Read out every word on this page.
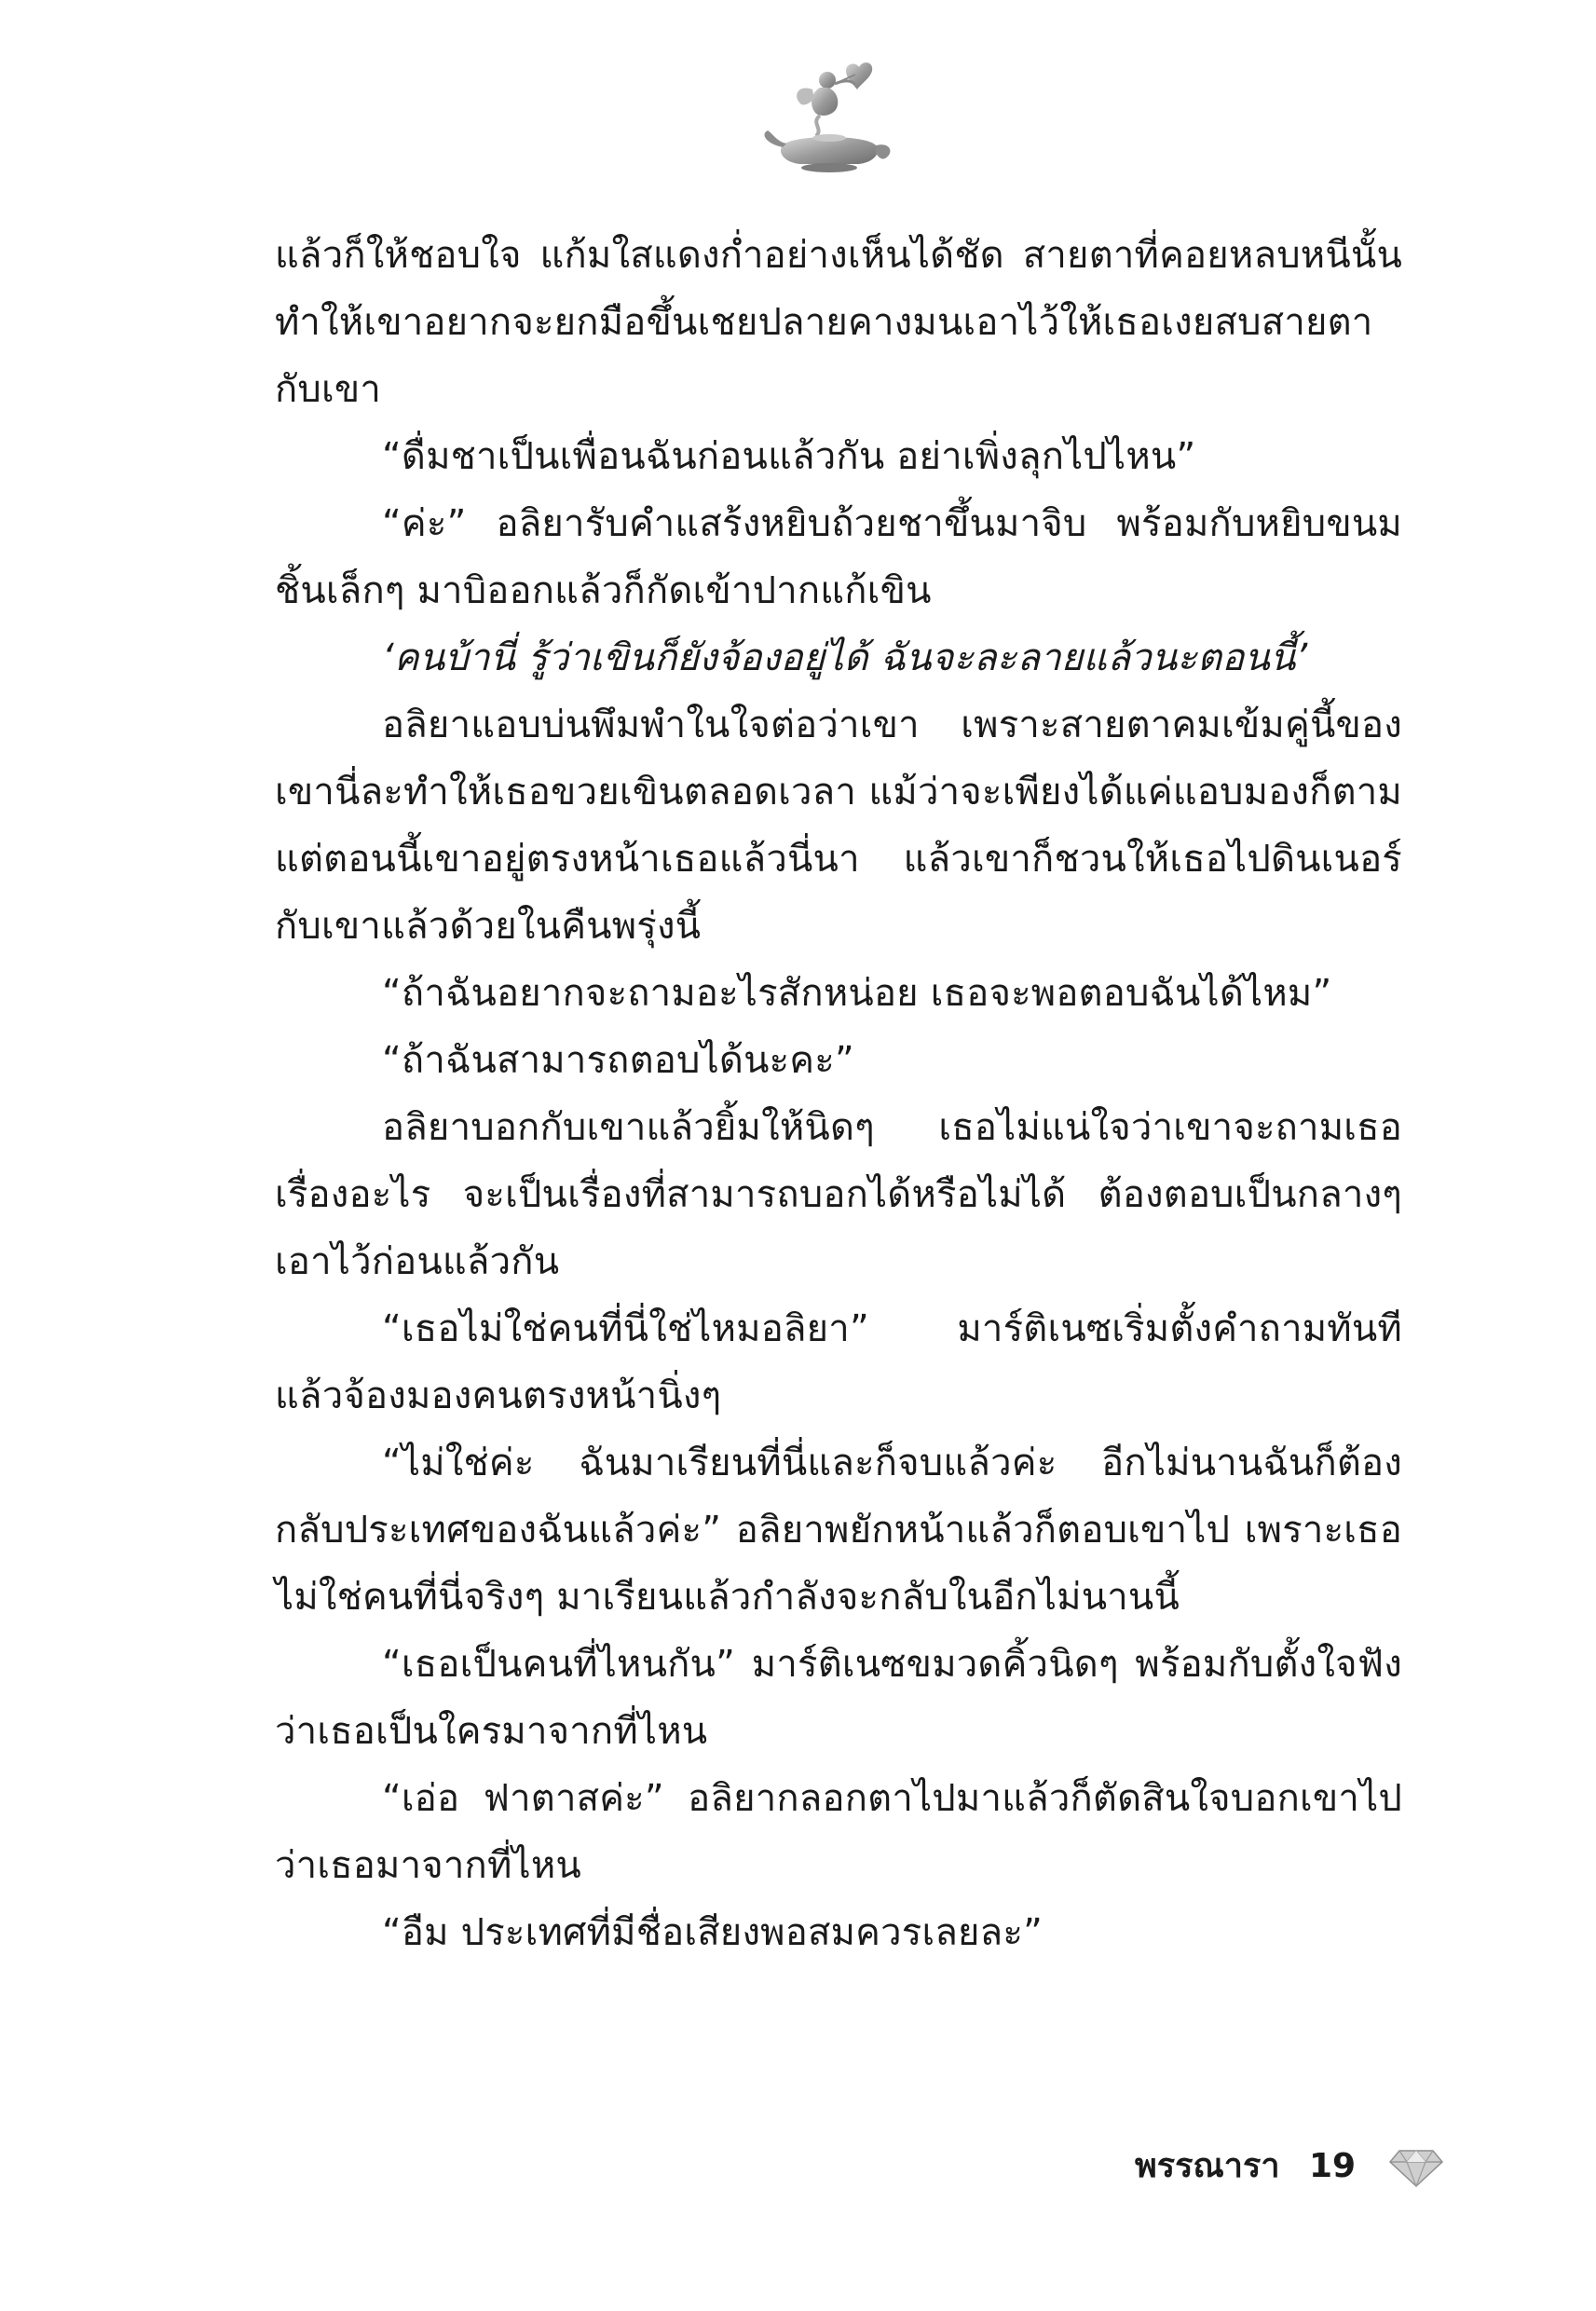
แล้วก็ให้ชอบใจ แก้มใสแดงก่ำอย่างเห็นได้ชัด สายตาที่คอยหลบหนีนั้น ทำให้เขาอยากจะยกมือขึ้นเชยปลายคางมนเอาไว้ให้เธอเงยสบสายตากับเขา

“ดื่มชาเป็นเพื่อนฉันก่อนแล้วกัน อย่าเพิ่งลุกไปไหน”

“ค่ะ” อลิยารับคำแสร้งหยิบถ้วยชาขึ้นมาจิบ พร้อมกับหยิบขนมชิ้นเล็กๆ มาบิออกแล้วก็กัดเข้าปากแก้เขิน

‘คนบ้านี่ รู้ว่าเขินก็ยังจ้องอยู่ได้ ฉันจะละลายแล้วนะตอนนี้’

อลิยาแอบบ่นพึมพำในใจต่อว่าเขา เพราะสายตาคมเข้มคู่นี้ของเขานี่ละทำให้เธอขวยเขินตลอดเวลา แม้ว่าจะเพียงได้แค่แอบมองก็ตาม แต่ตอนนี้เขาอยู่ตรงหน้าเธอแล้วนี่นา แล้วเขาก็ชวนให้เธอไปดินเนอร์กับเขาแล้วด้วยในคืนพรุ่งนี้

“ถ้าฉันอยากจะถามอะไรสักหน่อย เธอจะพอตอบฉันได้ไหม”

“ถ้าฉันสามารถตอบได้นะคะ”

อลิยาบอกกับเขาแล้วยิ้มให้นิดๆ เธอไม่แน่ใจว่าเขาจะถามเธอเรื่องอะไร จะเป็นเรื่องที่สามารถบอกได้หรือไม่ได้ ต้องตอบเป็นกลางๆเอาไว้ก่อนแล้วกัน

“เธอไม่ใช่คนที่นี่ใช่ไหมอลิยา” มาร์ติเนซเริ่มตั้งคำถามทันที แล้วจ้องมองคนตรงหน้านิ่งๆ

“ไม่ใช่ค่ะ ฉันมาเรียนที่นี่และก็จบแล้วค่ะ อีกไม่นานฉันก็ต้องกลับประเทศของฉันแล้วค่ะ” อลิยาพยักหน้าแล้วก็ตอบเขาไป เพราะเธอไม่ใช่คนที่นี่จริงๆ มาเรียนแล้วกำลังจะกลับในอีกไม่นานนี้

“เธอเป็นคนที่ไหนกัน” มาร์ติเนซขมวดคิ้วนิดๆ พร้อมกับตั้งใจฟังว่าเธอเป็นใครมาจากที่ไหน

“เอ่อ ฟาตาสค่ะ” อลิยากลอกตาไปมาแล้วก็ตัดสินใจบอกเขาไปว่าเธอมาจากที่ไหน

“อืม ประเทศที่มีชื่อเสียงพอสมควรเลยละ”

พรรณารา 19
